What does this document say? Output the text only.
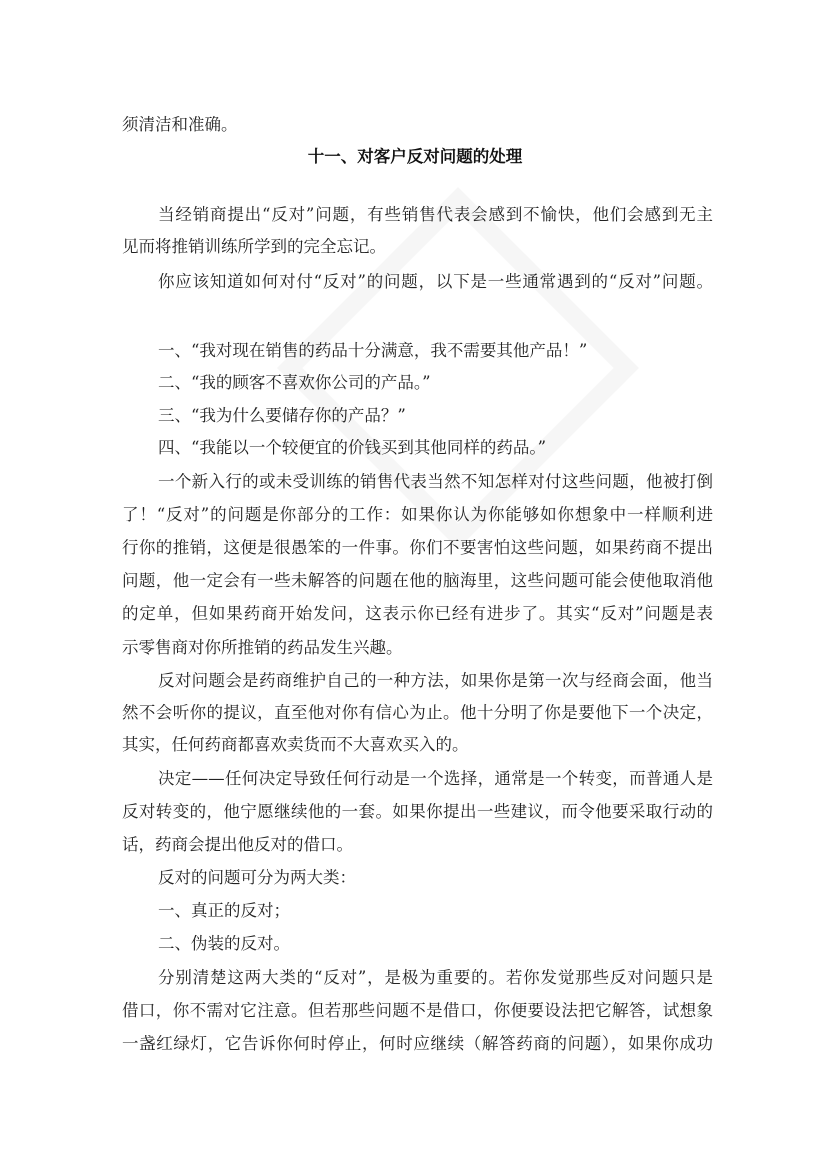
须清洁和准确。
十一、对客户反对问题的处理
当经销商提出“反对”问题，有些销售代表会感到不愉快，他们会感到无主
见而将推销训练所学到的完全忘记。
你应该知道如何对付“反对”的问题，以下是一些通常遇到的“反对”问题。
一、“我对现在销售的药品十分满意，我不需要其他产品！”
二、“我的顾客不喜欢你公司的产品。”
三、“我为什么要储存你的产品？”
四、“我能以一个较便宜的价钱买到其他同样的药品。”
一个新入行的或未受训练的销售代表当然不知怎样对付这些问题，他被打倒
了！“反对”的问题是你部分的工作：如果你认为你能够如你想象中一样顺利进
行你的推销，这便是很愚笨的一件事。你们不要害怕这些问题，如果药商不提出
问题，他一定会有一些未解答的问题在他的脑海里，这些问题可能会使他取消他
的定单，但如果药商开始发问，这表示你已经有进步了。其实“反对”问题是表
示零售商对你所推销的药品发生兴趣。
反对问题会是药商维护自己的一种方法，如果你是第一次与经商会面，他当
然不会听你的提议，直至他对你有信心为止。他十分明了你是要他下一个决定，
其实，任何药商都喜欢卖货而不大喜欢买入的。
决定——任何决定导致任何行动是一个选择，通常是一个转变，而普通人是
反对转变的，他宁愿继续他的一套。如果你提出一些建议，而令他要采取行动的
话，药商会提出他反对的借口。
反对的问题可分为两大类：
一、真正的反对；
二、伪装的反对。
分别清楚这两大类的“反对”，是极为重要的。若你发觉那些反对问题只是
借口，你不需对它注意。但若那些问题不是借口，你便要设法把它解答，试想象
一盏红绿灯，它告诉你何时停止，何时应继续（解答药商的问题），如果你成功
